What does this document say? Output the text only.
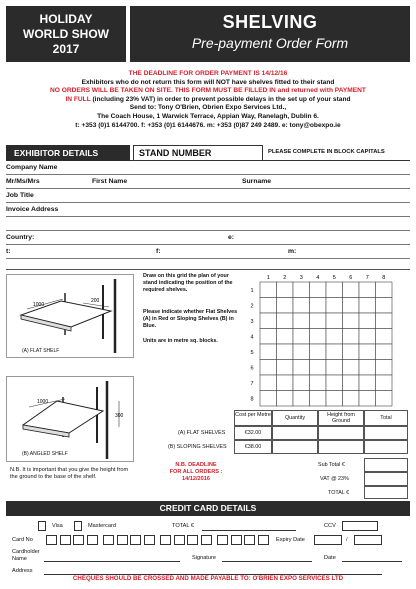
HOLIDAY
WORLD SHOW
2017
SHELVING
Pre-payment Order Form
THE DEADLINE FOR ORDER PAYMENT IS 14/12/16
Exhibitors who do not return this form will NOT have shelves fitted to their stand
NO ORDERS WILL BE TAKEN ON SITE. THIS FORM MUST BE FILLED IN and returned with PAYMENT
IN FULL (including 23% VAT) in order to prevent possible delays in the set up of your stand
Send to: Tony O'Brien, Obrien Expo Services Ltd.,
The Coach House, 1 Warwick Terrace, Appian Way, Ranelagh, Dublin 6.
t: +353 (0)1 6144700. f: +353 (0)1 6144676. m: +353 (0)87 249 2489. e: tony@obexpo.ie
EXHIBITOR DETAILS	STAND NUMBER	PLEASE COMPLETE IN BLOCK CAPITALS
Company Name
Mr/Ms/Mrs	First Name	Surname
Job Title
Invoice Address
Country:	e:
t:	f:	m:
1000
200
(A) FLAT SHELF
1000
300
(B) ANGLED SHELF
N.B. It is important that you give the height from the ground to the base of the shelf.
Draw on this grid the plan of your stand indicating the position of the required shelves.
Please indicate whether Flat Shelves (A) in Red or Sloping Shelves (B) in Blue.
Units are in metre sq. blocks.
1 2 3 4 5 6 7 8
1
2
3
4
5
6
7
8
Cost per Metre	Quantity	Height from Ground	Total
(A) FLAT SHELVES	€32.00
(B) SLOPING SHELVES	€38.00
N.B. DEADLINE
FOR ALL ORDERS :
14/12/2016
Sub Total €
VAT @ 23%
TOTAL €
CREDIT CARD DETAILS
Visa	Mastercard	TOTAL €	CCV
Card No	Expiry Date	/
Cardholder
Name	Signature	Date
Address
CHEQUES SHOULD BE CROSSED AND MADE PAYABLE TO: O'BRIEN EXPO SERVICES LTD
